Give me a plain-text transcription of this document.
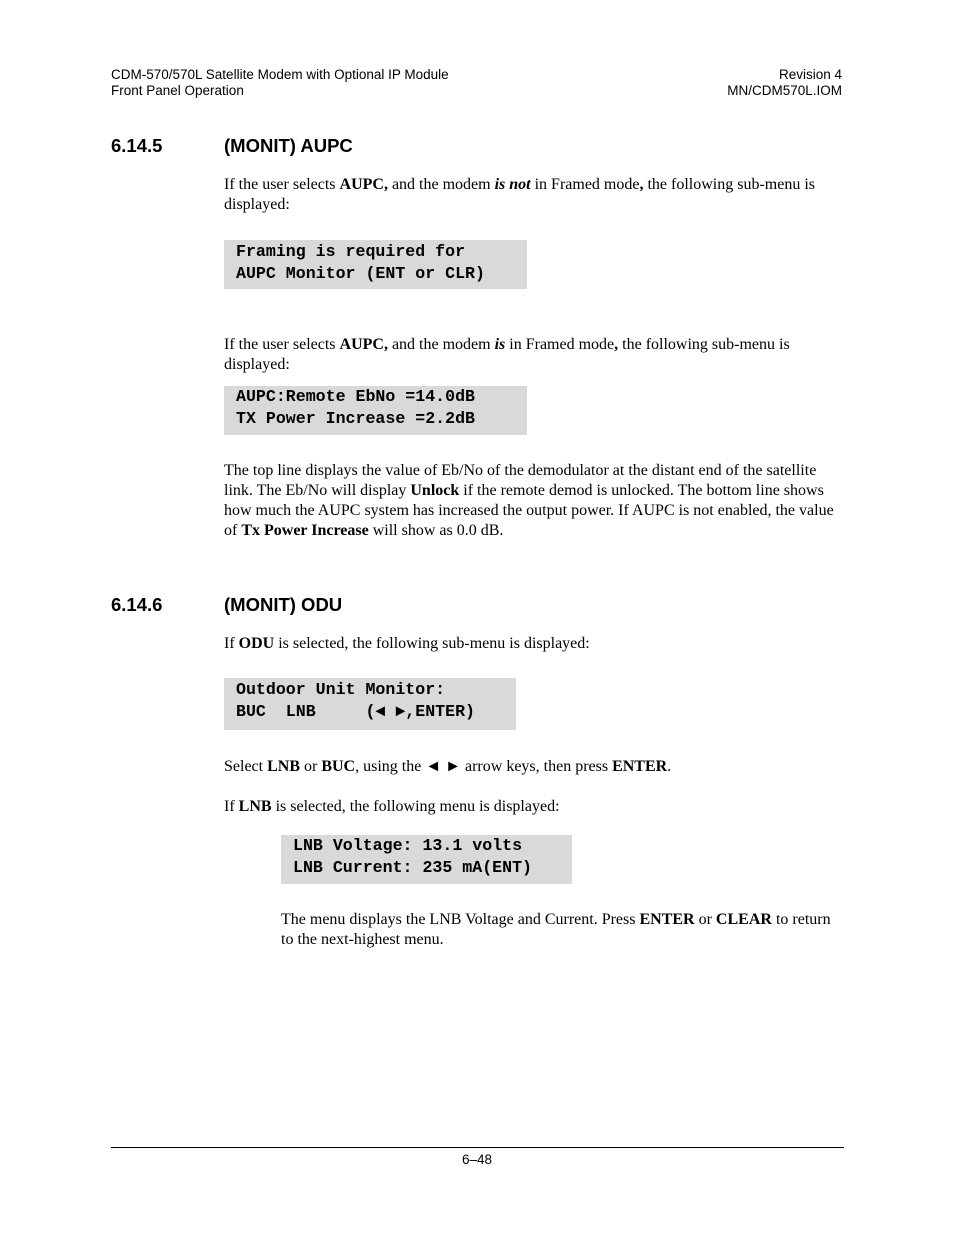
CDM-570/570L Satellite Modem with Optional IP Module
Front Panel Operation
Revision 4
MN/CDM570L.IOM
6.14.5	(MONIT) AUPC
If the user selects AUPC, and the modem is not in Framed mode, the following sub-menu is displayed:
Framing is required for
AUPC Monitor (ENT or CLR)
If the user selects AUPC, and the modem is in Framed mode, the following sub-menu is displayed:
AUPC:Remote EbNo =14.0dB
TX Power Increase =2.2dB
The top line displays the value of Eb/No of the demodulator at the distant end of the satellite link. The Eb/No will display Unlock if the remote demod is unlocked. The bottom line shows how much the AUPC system has increased the output power. If AUPC is not enabled, the value of Tx Power Increase will show as 0.0 dB.
6.14.6	(MONIT) ODU
If ODU is selected, the following sub-menu is displayed:
Outdoor Unit Monitor:
BUC  LNB     (◄ ►,ENTER)
Select LNB or BUC, using the ◄ ► arrow keys, then press ENTER.
If LNB is selected, the following menu is displayed:
LNB Voltage: 13.1 volts
LNB Current: 235 mA(ENT)
The menu displays the LNB Voltage and Current. Press ENTER or CLEAR to return to the next-highest menu.
6–48
